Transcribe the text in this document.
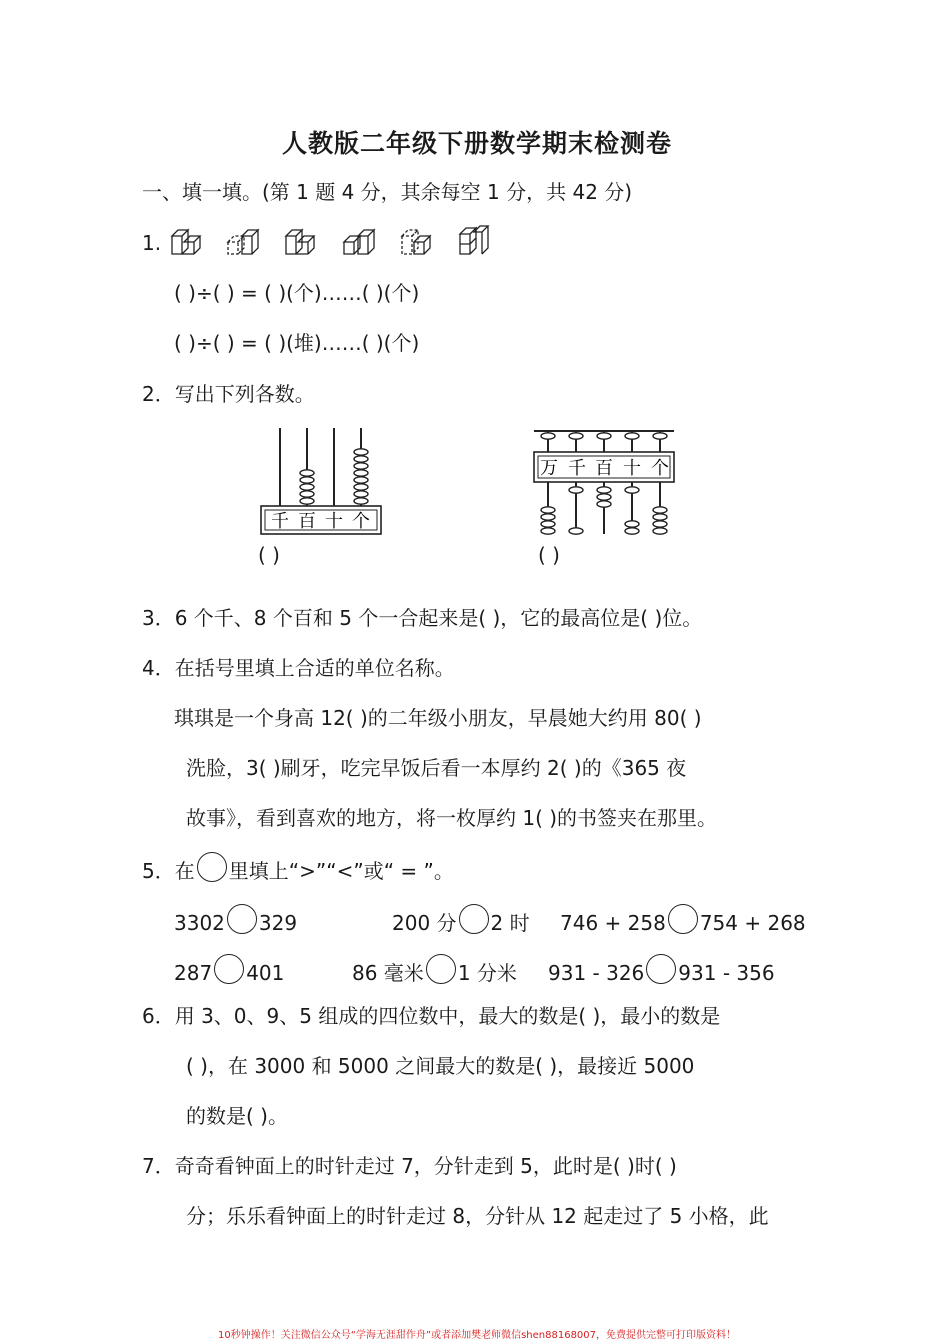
人教版二年级下册数学期末检测卷
一、填一填。(第 1 题 4 分，其余每空 1 分，共 42 分)
1.
( )÷( ) = ( )(个)……( )(个)
( )÷( ) = ( )(堆)……( )(个)
2．写出下列各数。
千 百 十 个
( )
万 千 百 十 个
( )
3．6 个千、8 个百和 5 个一合起来是( )，它的最高位是( )位。
4．在括号里填上合适的单位名称。
琪琪是一个身高 12( )的二年级小朋友，早晨她大约用 80( )
洗脸，3( )刷牙，吃完早饭后看一本厚约 2( )的《365 夜
故事》，看到喜欢的地方，将一枚厚约 1( )的书签夹在那里。
5．在 里填上“>”“<”或“ = ”。
3302 329	200 分 2 时 746 + 258 754 + 268
287 401	86 毫米 1 分米 931 - 326 931 - 356
6．用 3、0、9、5 组成的四位数中，最大的数是( )，最小的数是
( )，在 3000 和 5000 之间最大的数是( )，最接近 5000
的数是( )。
7．奇奇看钟面上的时针走过 7，分针走到 5，此时是( )时( )
分；乐乐看钟面上的时针走过 8，分针从 12 起走过了 5 小格，此
10秒钟操作！关注微信公众号“学海无涯甜作舟”或者添加樊老师微信shen88168007，免费提供完整可打印版资料！
